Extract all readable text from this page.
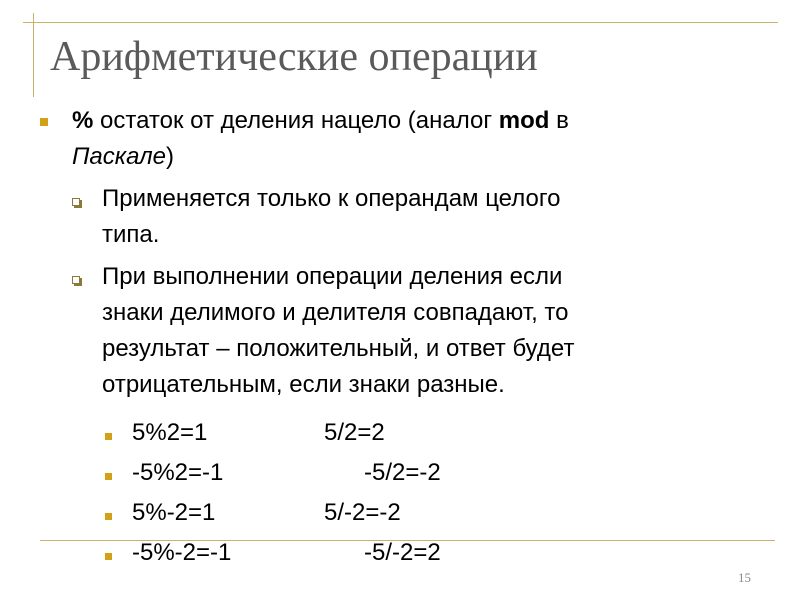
Арифметические операции
% остаток от деления нацело (аналог mod в
Паскале)
Применяется только к операндам целого
типа.
При выполнении операции деления если
знаки делимого и делителя совпадают, то
результат – положительный, и ответ будет
отрицательным, если знаки разные.
5%2=1	5/2=2
-5%2=-1	-5/2=-2
5%-2=1	5/-2=-2
-5%-2=-1	-5/-2=2
15
